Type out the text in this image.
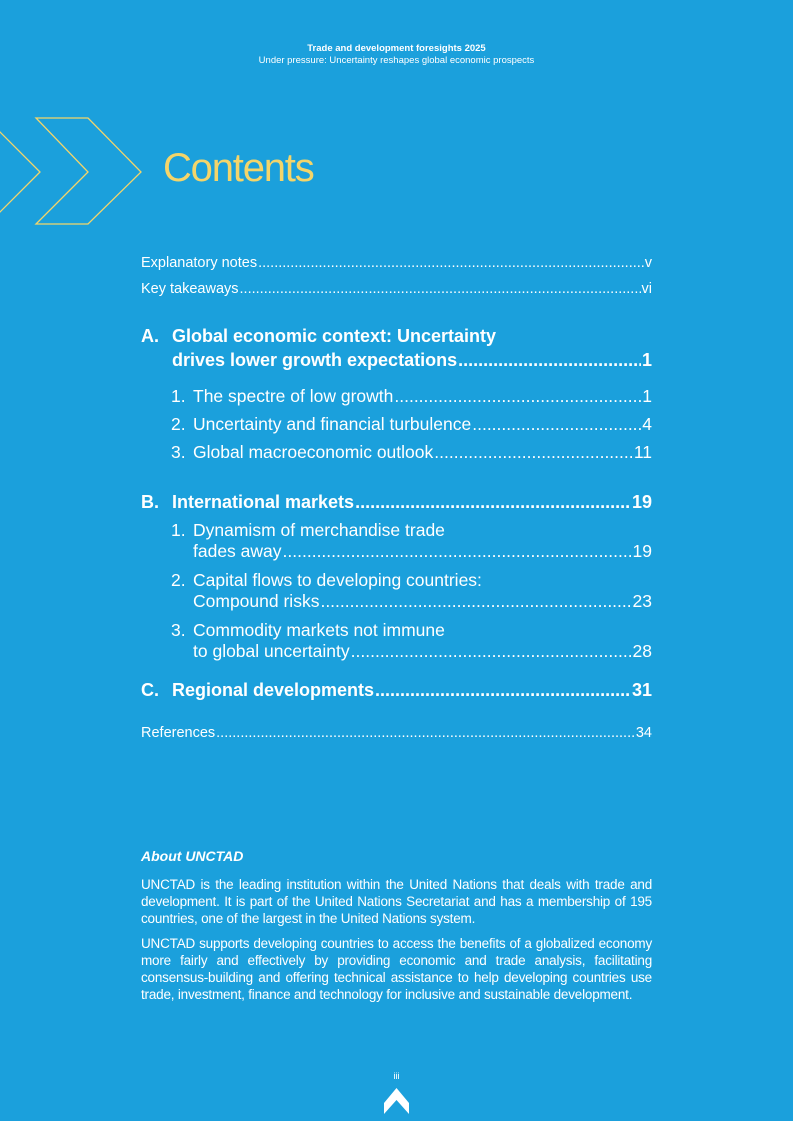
Trade and development foresights 2025
Under pressure: Uncertainty reshapes global economic prospects
Contents
Explanatory notes .....	v
Key takeaways .....	vi
A. Global economic context: Uncertainty
drives lower growth expectations .....	1
1. The spectre of low growth .....	1
2. Uncertainty and financial turbulence .....	4
3. Global macroeconomic outlook .....	11
B. International markets .....	19
1. Dynamism of merchandise trade
fades away .....	19
2. Capital flows to developing countries:
Compound risks .....	23
3. Commodity markets not immune
to global uncertainty .....	28
C. Regional developments .....	31
References .....	34
About UNCTAD

UNCTAD is the leading institution within the United Nations that deals with trade and development. It is part of the United Nations Secretariat and has a membership of 195 countries, one of the largest in the United Nations system.

UNCTAD supports developing countries to access the benefits of a globalized economy more fairly and effectively by providing economic and trade analysis, facilitating consensus-building and offering technical assistance to help developing countries use trade, investment, finance and technology for inclusive and sustainable development.

iii
